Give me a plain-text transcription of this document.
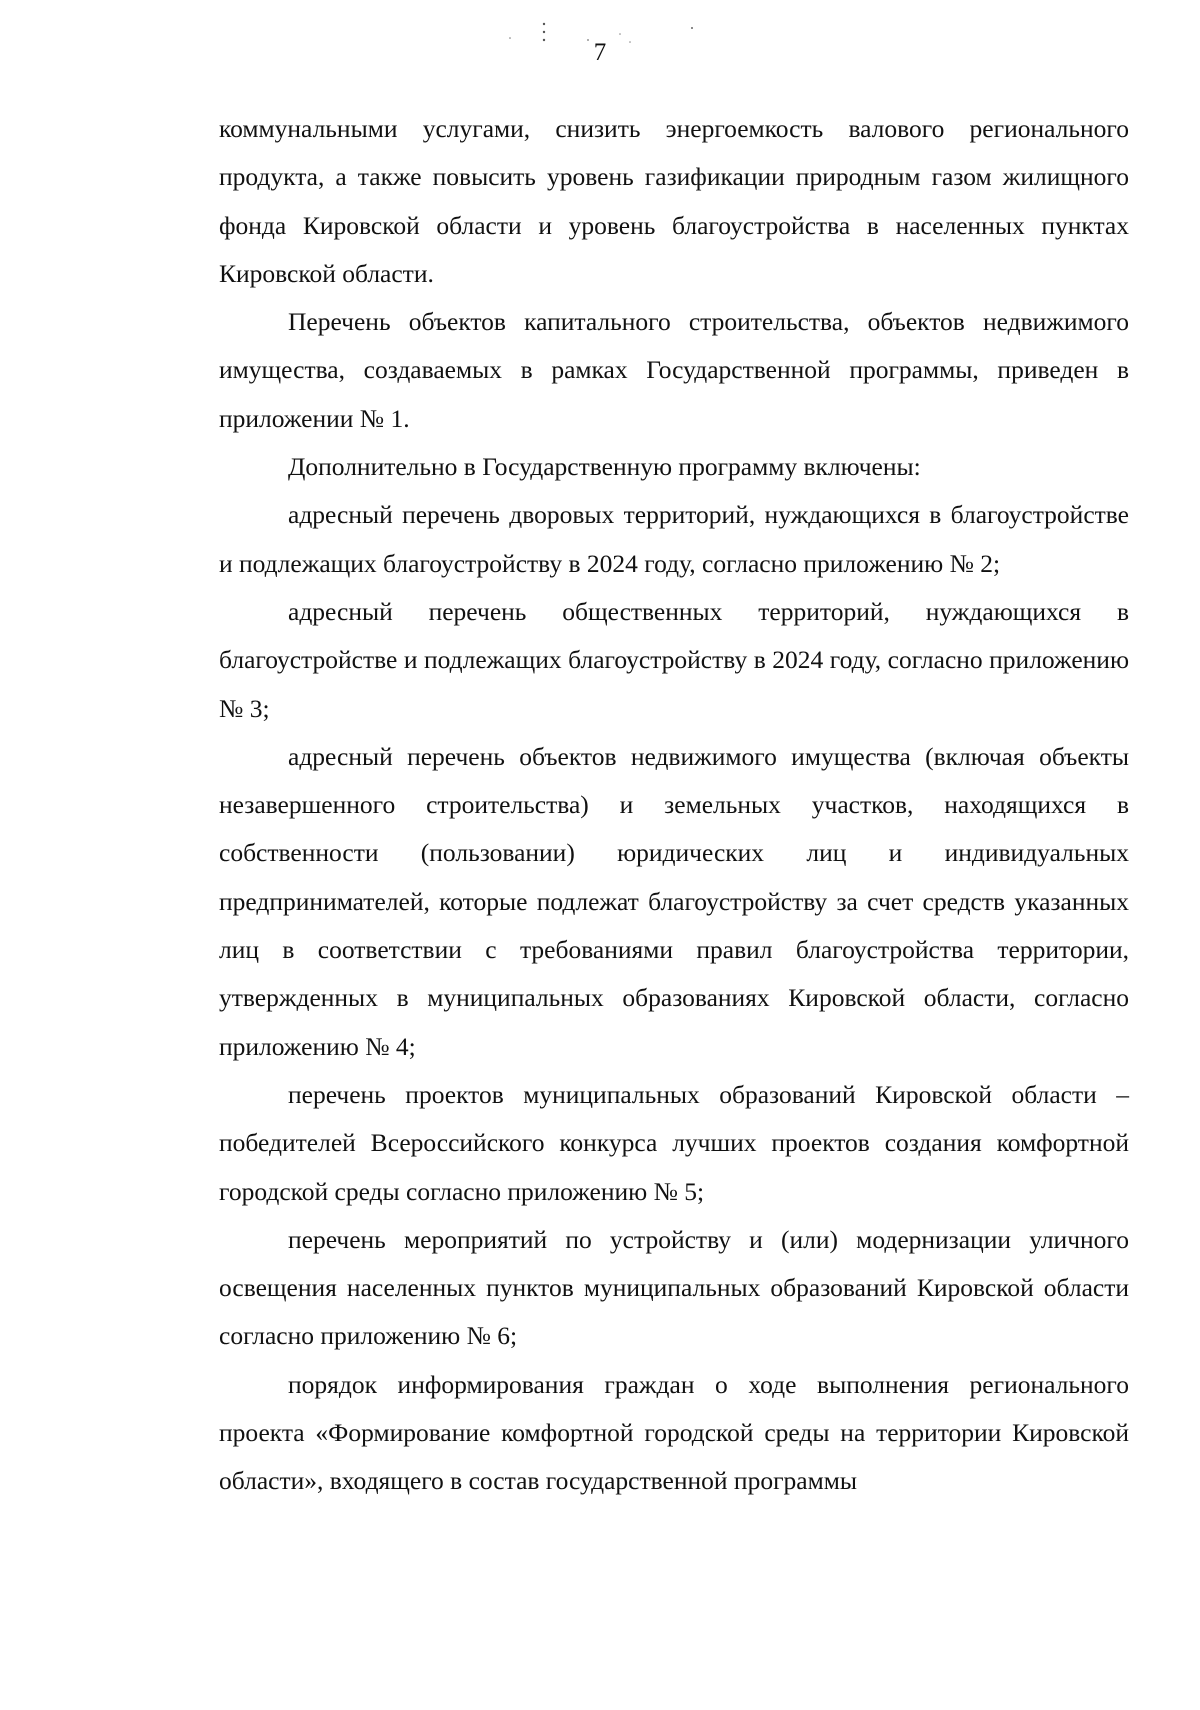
7

коммунальными услугами, снизить энергоемкость валового регионального продукта, а также повысить уровень газификации природным газом жилищного фонда Кировской области и уровень благоустройства в населенных пунктах Кировской области.

Перечень объектов капитального строительства, объектов недвижимого имущества, создаваемых в рамках Государственной программы, приведен в приложении № 1.

Дополнительно в Государственную программу включены:

адресный перечень дворовых территорий, нуждающихся в благоустройстве и подлежащих благоустройству в 2024 году, согласно приложению № 2;

адресный перечень общественных территорий, нуждающихся в благоустройстве и подлежащих благоустройству в 2024 году, согласно приложению № 3;

адресный перечень объектов недвижимого имущества (включая объекты незавершенного строительства) и земельных участков, находящихся в собственности (пользовании) юридических лиц и индивидуальных предпринимателей, которые подлежат благоустройству за счет средств указанных лиц в соответствии с требованиями правил благоустройства территории, утвержденных в муниципальных образованиях Кировской области, согласно приложению № 4;

перечень проектов муниципальных образований Кировской области – победителей Всероссийского конкурса лучших проектов создания комфортной городской среды согласно приложению № 5;

перечень мероприятий по устройству и (или) модернизации уличного освещения населенных пунктов муниципальных образований Кировской области согласно приложению № 6;

порядок информирования граждан о ходе выполнения регионального проекта «Формирование комфортной городской среды на территории Кировской области», входящего в состав государственной программы
